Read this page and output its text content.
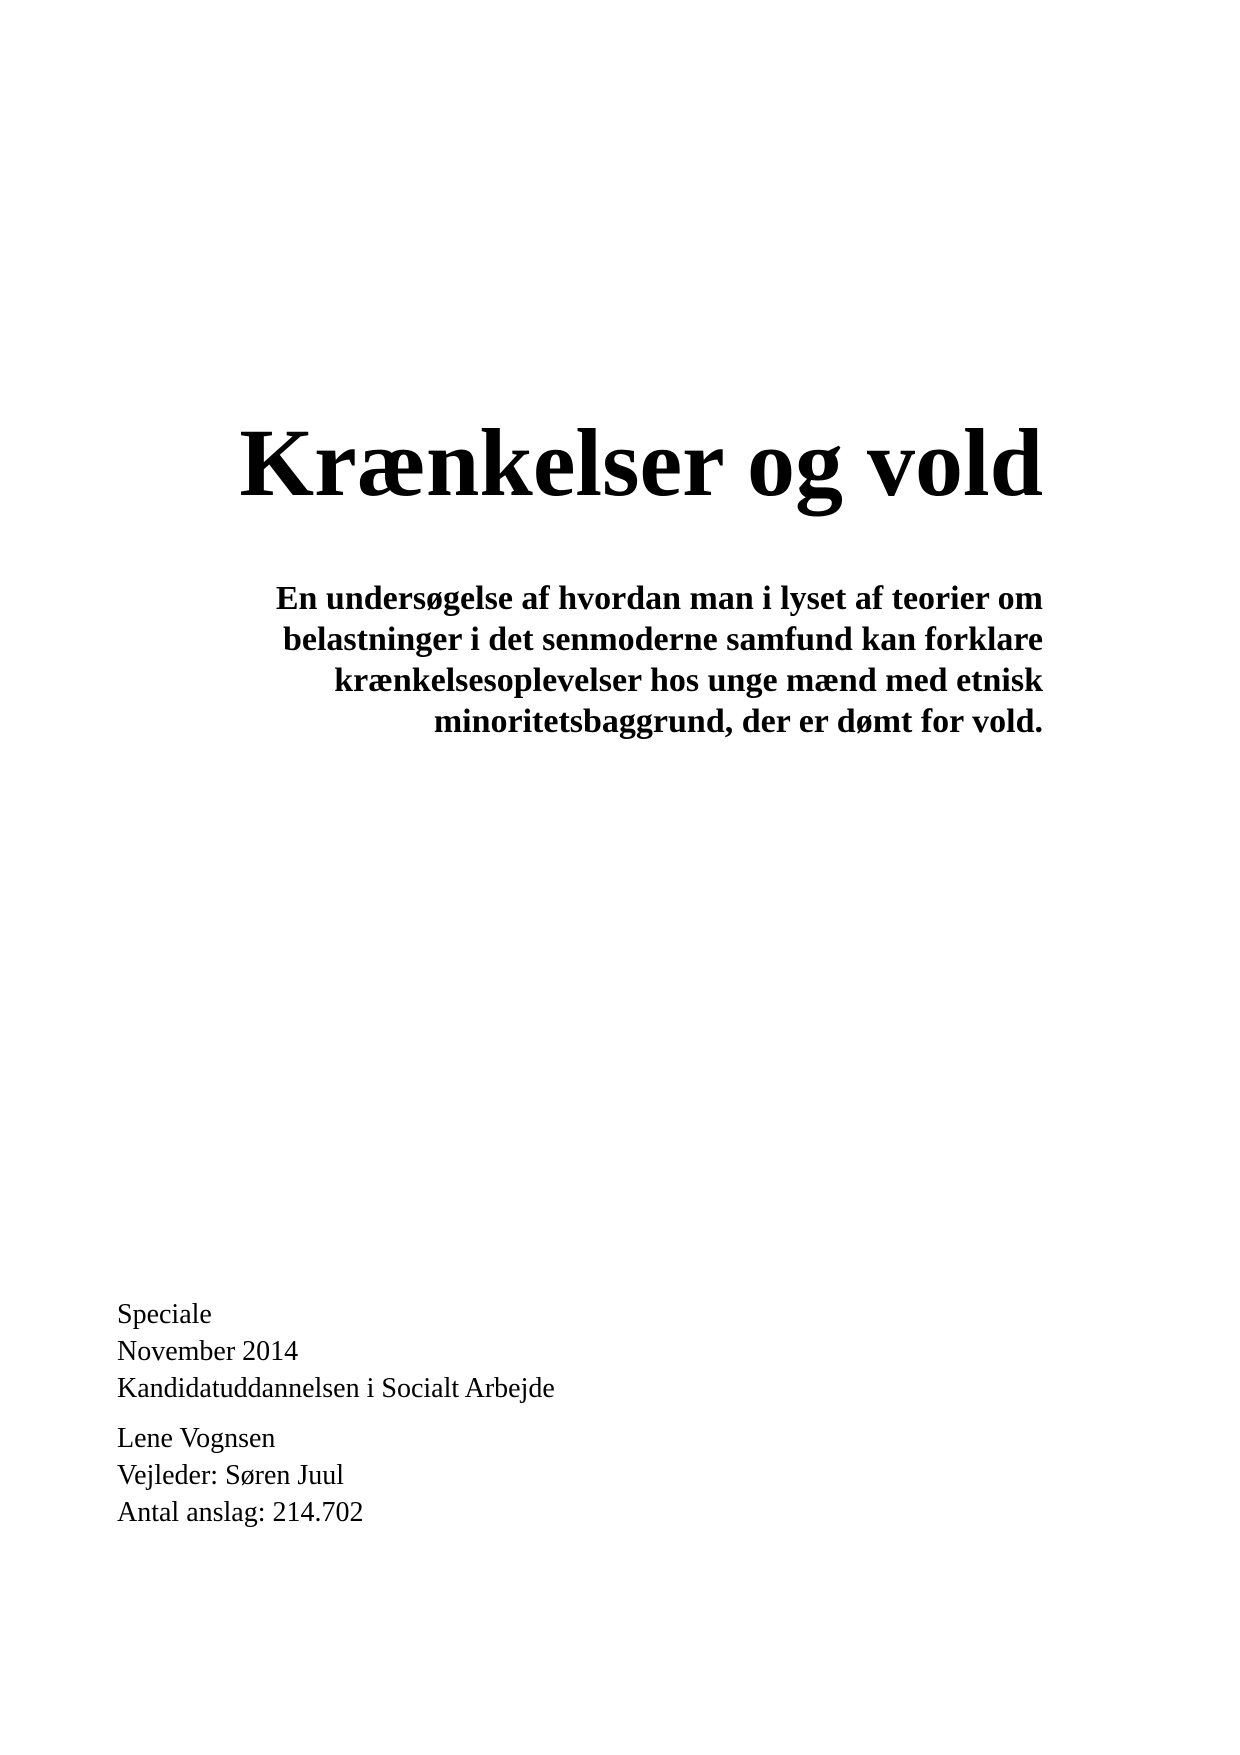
Krænkelser og vold
En undersøgelse af hvordan man i lyset af teorier om
belastninger i det senmoderne samfund kan forklare
krænkelsesoplevelser hos unge mænd med etnisk
minoritetsbaggrund, der er dømt for vold.
Speciale
November 2014
Kandidatuddannelsen i Socialt Arbejde
Lene Vognsen
Vejleder: Søren Juul
Antal anslag: 214.702
